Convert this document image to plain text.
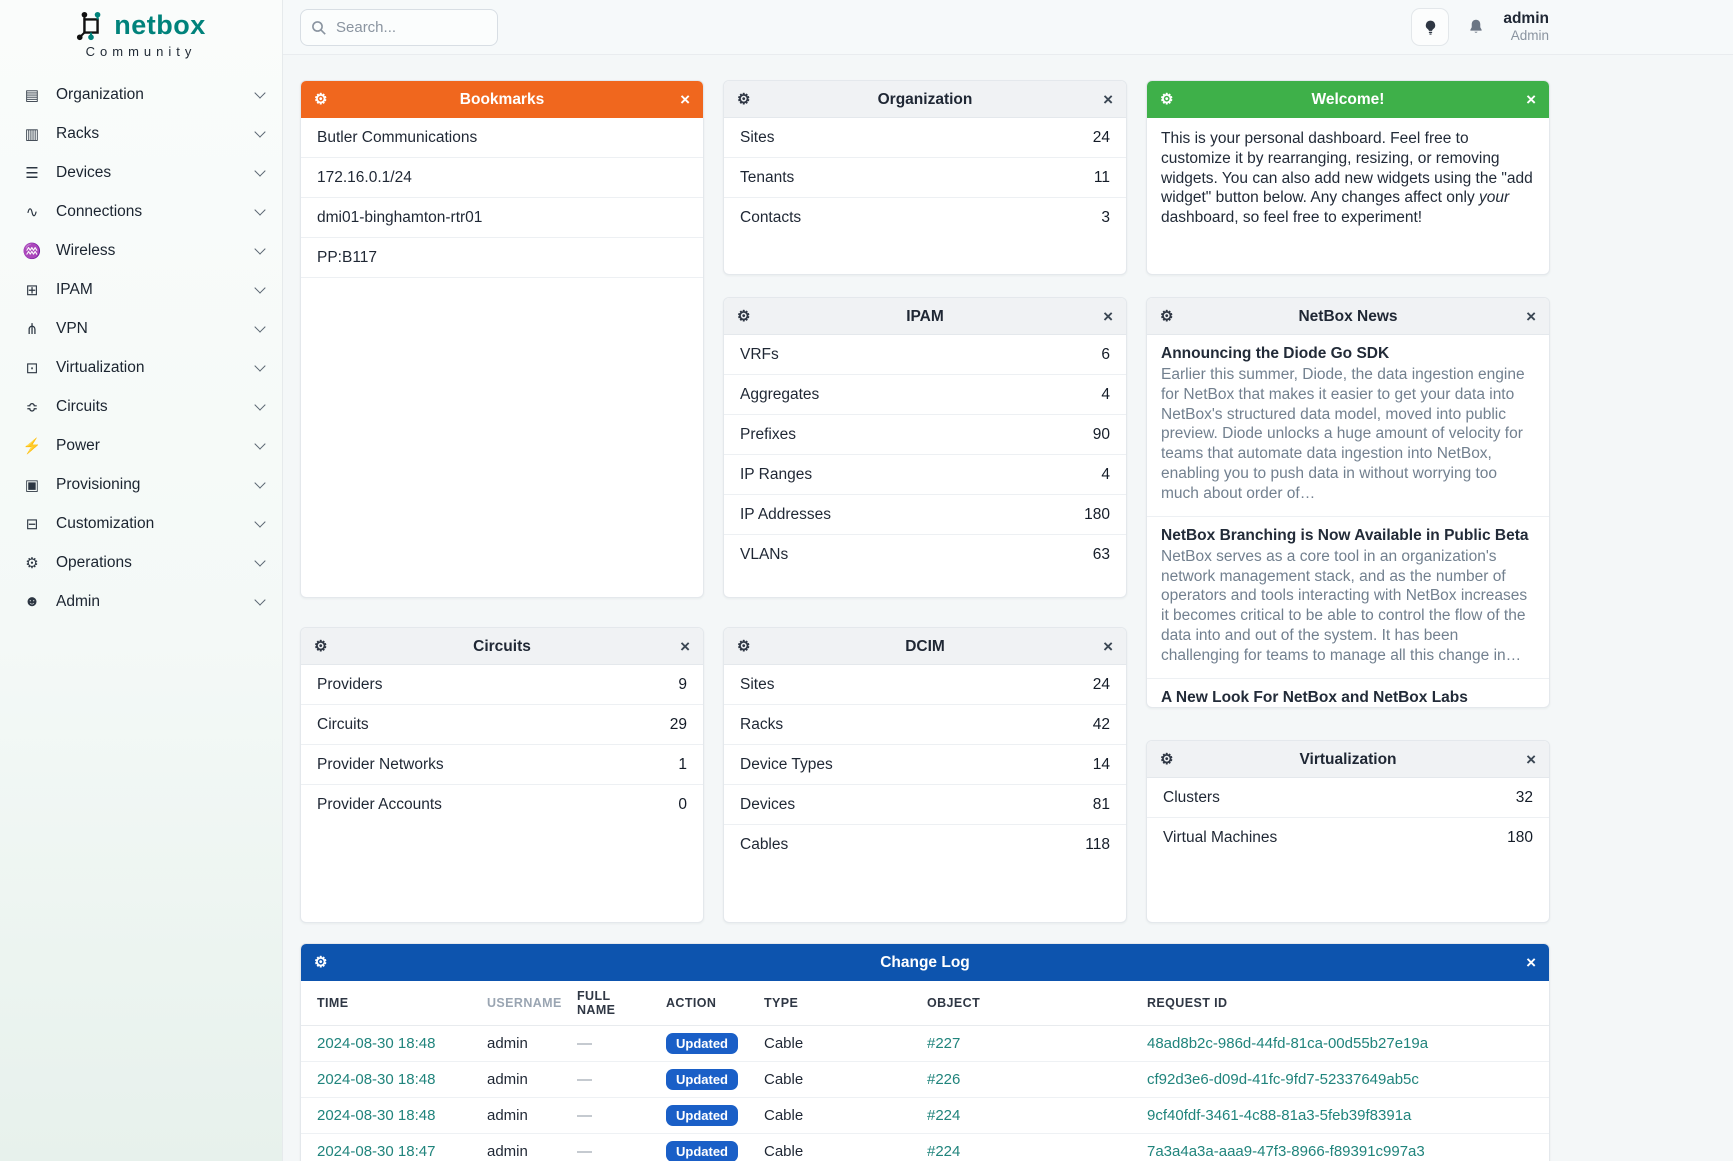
netbox
Community
▤	Organization
▥	Racks
☰	Devices
∿	Connections
♒ Wireless
⊞	IPAM
⋔	VPN
⊡	Virtualization
≎	Circuits
⚡ Power
▣	Provisioning
⊟	Customization
⚙	Operations
☻ Admin
Search...
admin
Admin
⚙	Bookmarks	×
Butler Communications
172.16.0.1/24
dmi01-binghamton-rtr01
PP:B117
⚙	Organization	×
Sites	24
Tenants	11
Contacts	3
⚙	Welcome!	×
This is your personal dashboard. Feel free to customize it by rearranging, resizing, or removing widgets. You can also add new widgets using the "add widget" button below. Any changes affect only your dashboard, so feel free to experiment!
⚙	IPAM	×
VRFs	6
Aggregates	4
Prefixes	90
IP Ranges	4
IP Addresses	180
VLANs	63
⚙	NetBox News	×
Announcing the Diode Go SDK
Earlier this summer, Diode, the data ingestion engine for NetBox that makes it easier to get your data into NetBox's structured data model, moved into public preview. Diode unlocks a huge amount of velocity for teams that automate data ingestion into NetBox, enabling you to push data in without worrying too much about order of…
NetBox Branching is Now Available in Public Beta
NetBox serves as a core tool in an organization's network management stack, and as the number of operators and tools interacting with NetBox increases it becomes critical to be able to control the flow of the data into and out of the system. It has been challenging for teams to manage all this change in…
A New Look For NetBox and NetBox Labs
⚙	Circuits	×
Providers	9
Circuits	29
Provider Networks	1
Provider Accounts	0
⚙	DCIM	×
Sites	24
Racks	42
Device Types	14
Devices	81
Cables	118
⚙	Virtualization	×
Clusters	32
Virtual Machines	180
⚙	Change Log	×
TIME	USERNAME	FULL NAME	ACTION	TYPE	OBJECT	REQUEST ID
2024-08-30 18:48	admin	—	Updated	Cable	#227	48ad8b2c-986d-44fd-81ca-00d55b27e19a
2024-08-30 18:48	admin	—	Updated	Cable	#226	cf92d3e6-d09d-41fc-9fd7-52337649ab5c
2024-08-30 18:48	admin	—	Updated	Cable	#224	9cf40fdf-3461-4c88-81a3-5feb39f8391a
2024-08-30 18:47	admin	—	Updated	Cable	#224	7a3a4a3a-aaa9-47f3-8966-f89391c997a3
